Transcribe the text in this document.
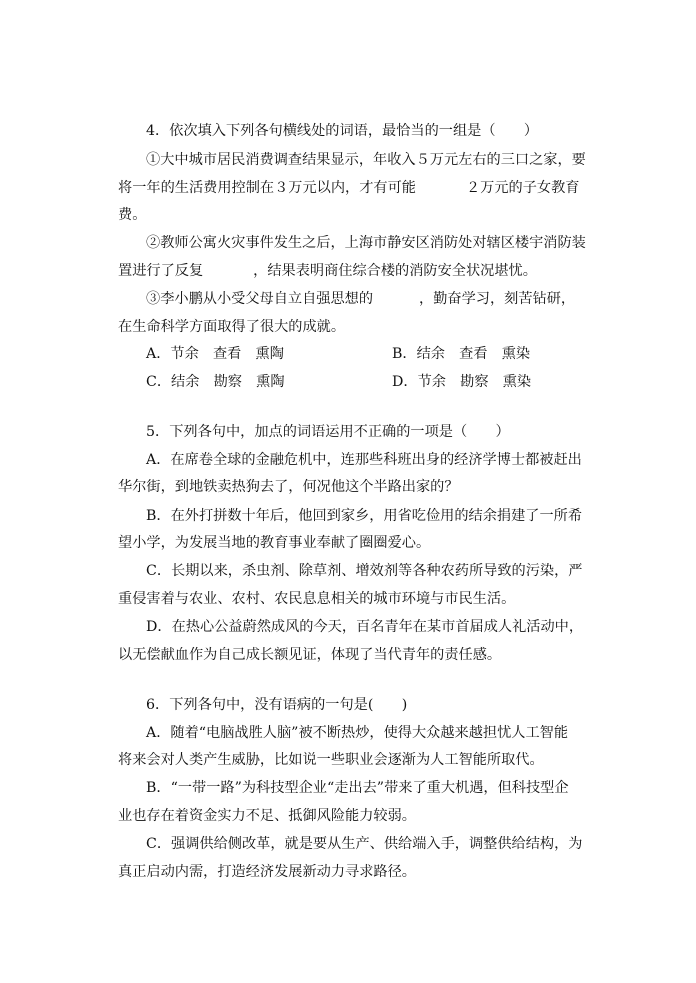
4．依次填入下列各句横线处的词语，最恰当的一组是（　　）
①大中城市居民消费调查结果显示，年收入５万元左右的三口之家，要
将一年的生活费用控制在３万元以内，才有可能	２万元的子女教育
费。
②教师公寓火灾事件发生之后，上海市静安区消防处对辖区楼宇消防装
置进行了反复	，结果表明商住综合楼的消防安全状况堪忧。
③李小鹏从小受父母自立自强思想的	，勤奋学习，刻苦钻研，
在生命科学方面取得了很大的成就。
A．节余　查看　熏陶	B．结余　查看　熏染
C．结余　勘察　熏陶	D．节余　勘察　熏染
5．下列各句中，加点的词语运用不正确的一项是（　　）
A．在席卷全球的金融危机中，连那些科班出身的经济学博士都被赶出
华尔街，到地铁卖热狗去了，何况他这个半路出家的？
B．在外打拼数十年后，他回到家乡，用省吃俭用的结余捐建了一所希
望小学，为发展当地的教育事业奉献了圈圈爱心。
C．长期以来，杀虫剂、除草剂、增效剂等各种农药所导致的污染，严
重侵害着与农业、农村、农民息息相关的城市环境与市民生活。
D．在热心公益蔚然成风的今天，百名青年在某市首届成人礼活动中，
以无偿献血作为自己成长额见证，体现了当代青年的责任感。
6．下列各句中，没有语病的一句是(　　)
A．随着“电脑战胜人脑”被不断热炒，使得大众越来越担忧人工智能
将来会对人类产生威胁，比如说一些职业会逐渐为人工智能所取代。
B．“一带一路”为科技型企业“走出去”带来了重大机遇，但科技型企
业也存在着资金实力不足、抵御风险能力较弱。
C．强调供给侧改革，就是要从生产、供给端入手，调整供给结构，为
真正启动内需，打造经济发展新动力寻求路径。
